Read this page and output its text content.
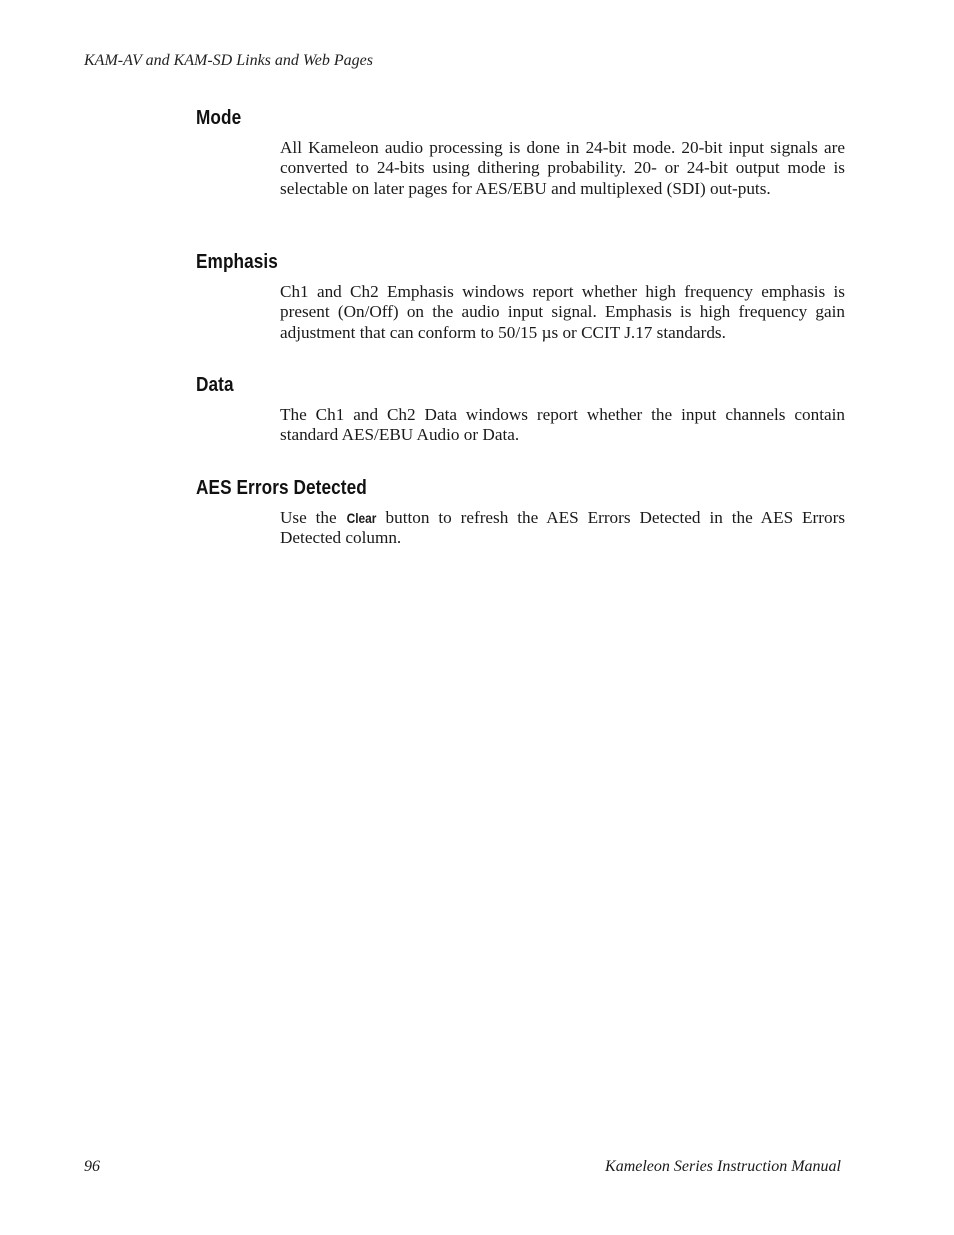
KAM-AV and KAM-SD Links and Web Pages
Mode
All Kameleon audio processing is done in 24-bit mode. 20-bit input signals are converted to 24-bits using dithering probability. 20- or 24-bit output mode is selectable on later pages for AES/EBU and multiplexed (SDI) out-puts.
Emphasis
Ch1 and Ch2 Emphasis windows report whether high frequency emphasis is present (On/Off) on the audio input signal. Emphasis is high frequency gain adjustment that can conform to 50/15 µs or CCIT J.17 standards.
Data
The Ch1 and Ch2 Data windows report whether the input channels contain standard AES/EBU Audio or Data.
AES Errors Detected
Use the Clear button to refresh the AES Errors Detected in the AES Errors Detected column.
96	Kameleon Series Instruction Manual
